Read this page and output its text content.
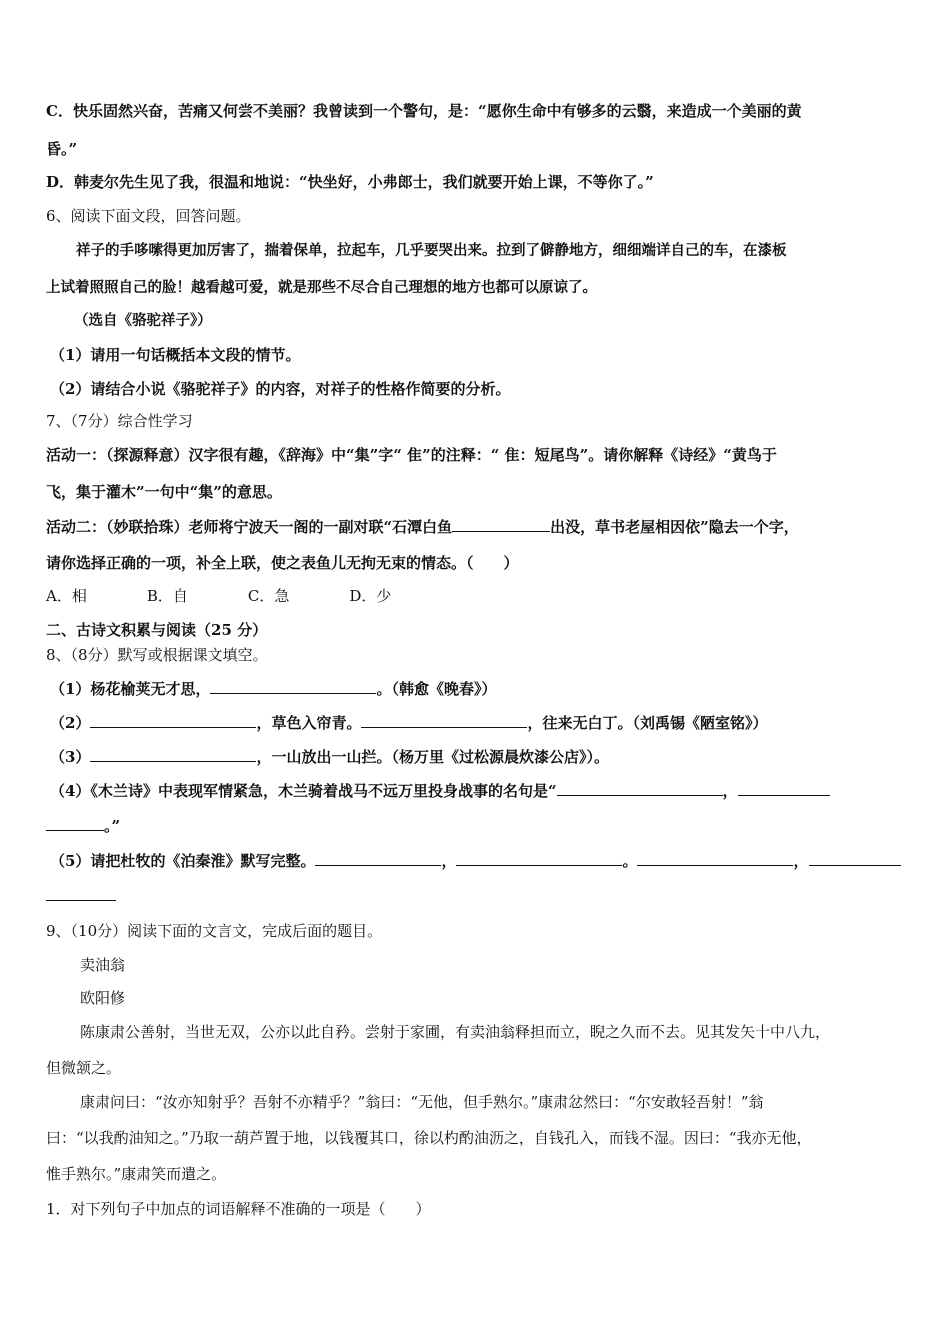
C．快乐固然兴奋，苦痛又何尝不美丽？我曾读到一个警句，是：“愿你生命中有够多的云翳，来造成一个美丽的黄
昏。”
D．韩麦尔先生见了我，很温和地说：“快坐好，小弗郎士，我们就要开始上课，不等你了。”
6、阅读下面文段，回答问题。
祥子的手哆嗦得更加厉害了，揣着保单，拉起车，几乎要哭出来。拉到了僻静地方，细细端详自己的车，在漆板
上试着照照自己的脸！越看越可爱，就是那些不尽合自己理想的地方也都可以原谅了。
（选自《骆驼祥子》）
（1）请用一句话概括本文段的情节。
（2）请结合小说《骆驼祥子》的内容，对祥子的性格作简要的分析。
7、（7分）综合性学习
活动一：（探源释意）汉字很有趣，《辞海》中“集”字“ 隹”的注释：“ 隹：短尾鸟”。请你解释《诗经》“黄鸟于
飞，集于灌木”一句中“集”的意思。
活动二：（妙联拾珠）老师将宁波天一阁的一副对联“石潭白鱼	出没，草书老屋相因依”隐去一个字，
请你选择正确的一项，补全上联，使之表鱼儿无拘无束的情态。（　　）
A．相　　　　B．自　　　　C．急　　　　D．少
二、古诗文积累与阅读（25 分）
8、（8分）默写或根据课文填空。
（1）杨花榆荚无才思，	。（韩愈《晚春》）
（2）	，草色入帘青。	，往来无白丁。（刘禹锡《陋室铭》）
（3）	，一山放出一山拦。（杨万里《过松源晨炊漆公店》）。
（4）《木兰诗》中表现军情紧急，木兰骑着战马不远万里投身战事的名句是“	，
。”
（5）请把杜牧的《泊秦淮》默写完整。	，	。	，
9、（10分）阅读下面的文言文，完成后面的题目。
卖油翁
欧阳修
陈康肃公善射，当世无双，公亦以此自矜。尝射于家圃，有卖油翁释担而立，睨之久而不去。见其发矢十中八九，
但微颔之。
康肃问曰：“汝亦知射乎？吾射不亦精乎？”翁曰：“无他，但手熟尔。”康肃忿然曰：“尔安敢轻吾射！”翁
曰：“以我酌油知之。”乃取一葫芦置于地，以钱覆其口，徐以杓酌油沥之，自钱孔入，而钱不湿。因曰：“我亦无他，
惟手熟尔。”康肃笑而遣之。
1．对下列句子中加点的词语解释不准确的一项是（　　）
